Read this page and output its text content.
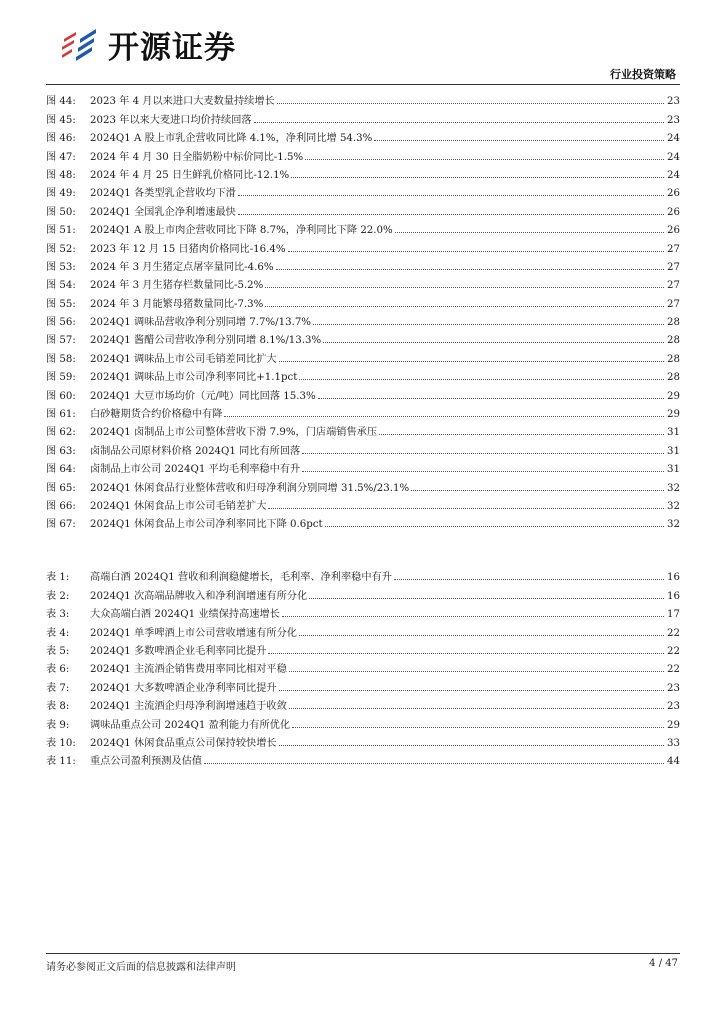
开源证券
行业投资策略
图 44:	2023 年 4 月以来进口大麦数量持续增长	23
图 45:	2023 年以来大麦进口均价持续回落	23
图 46:	2024Q1 A 股上市乳企营收同比降 4.1%，净利同比增 54.3%	24
图 47:	2024 年 4 月 30 日全脂奶粉中标价同比-1.5%	24
图 48:	2024 年 4 月 25 日生鲜乳价格同比-12.1%	24
图 49:	2024Q1 各类型乳企营收均下滑	26
图 50:	2024Q1 全国乳企净利增速最快	26
图 51:	2024Q1 A 股上市肉企营收同比下降 8.7%，净利同比下降 22.0%	26
图 52:	2023 年 12 月 15 日猪肉价格同比-16.4%	27
图 53:	2024 年 3 月生猪定点屠宰量同比-4.6%	27
图 54:	2024 年 3 月生猪存栏数量同比-5.2%	27
图 55:	2024 年 3 月能繁母猪数量同比-7.3%	27
图 56:	2024Q1 调味品营收净利分别同增 7.7%/13.7%	28
图 57:	2024Q1 酱醋公司营收净利分别同增 8.1%/13.3%	28
图 58:	2024Q1 调味品上市公司毛销差同比扩大	28
图 59:	2024Q1 调味品上市公司净利率同比+1.1pct	28
图 60:	2024Q1 大豆市场均价（元/吨）同比回落 15.3%	29
图 61:	白砂糖期货合约价格稳中有降	29
图 62:	2024Q1 卤制品上市公司整体营收下滑 7.9%，门店端销售承压	31
图 63:	卤制品公司原材料价格 2024Q1 同比有所回落	31
图 64:	卤制品上市公司 2024Q1 平均毛利率稳中有升	31
图 65:	2024Q1 休闲食品行业整体营收和归母净利润分别同增 31.5%/23.1%	32
图 66:	2024Q1 休闲食品上市公司毛销差扩大	32
图 67:	2024Q1 休闲食品上市公司净利率同比下降 0.6pct	32
表 1:	高端白酒 2024Q1 营收和利润稳健增长，毛利率、净利率稳中有升	16
表 2:	2024Q1 次高端品牌收入和净利润增速有所分化	16
表 3:	大众高端白酒 2024Q1 业绩保持高速增长	17
表 4:	2024Q1 单季啤酒上市公司营收增速有所分化	22
表 5:	2024Q1 多数啤酒企业毛利率同比提升	22
表 6:	2024Q1 主流酒企销售费用率同比相对平稳	22
表 7:	2024Q1 大多数啤酒企业净利率同比提升	23
表 8:	2024Q1 主流酒企归母净利润增速趋于收敛	23
表 9:	调味品重点公司 2024Q1 盈利能力有所优化	29
表 10:	2024Q1 休闲食品重点公司保持较快增长	33
表 11:	重点公司盈利预测及估值	44
请务必参阅正文后面的信息披露和法律声明	4 / 47
